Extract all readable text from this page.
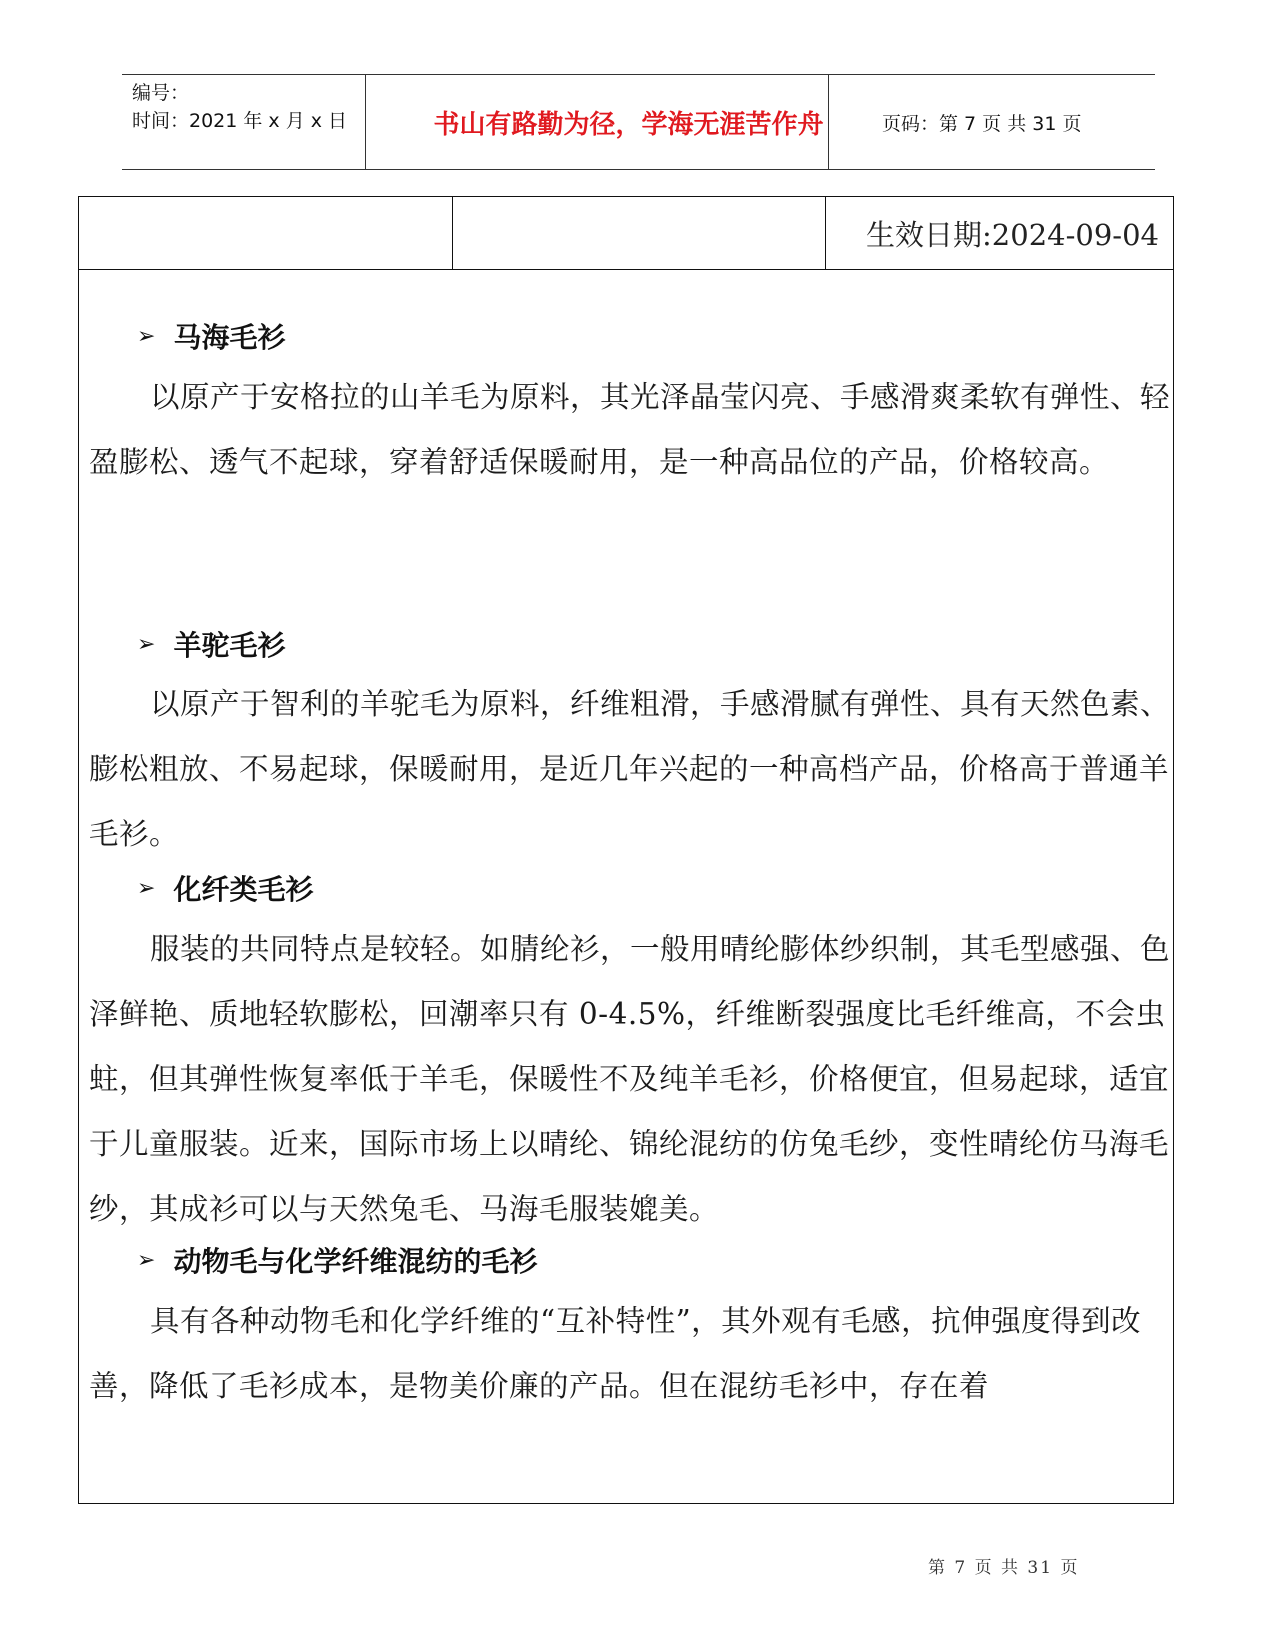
编号：
时间：2021 年 x 月 x 日	书山有路勤为径，学海无涯苦作舟	页码：第 7 页 共 31 页
生效日期:2024-09-04
➢ 马海毛衫
以原产于安格拉的山羊毛为原料，其光泽晶莹闪亮、手感滑爽柔软有弹性、轻盈膨松、透气不起球，穿着舒适保暖耐用，是一种高品位的产品，价格较高。
➢ 羊驼毛衫
以原产于智利的羊驼毛为原料，纤维粗滑，手感滑腻有弹性、具有天然色素、膨松粗放、不易起球，保暖耐用，是近几年兴起的一种高档产品，价格高于普通羊毛衫。
➢ 化纤类毛衫
服装的共同特点是较轻。如腈纶衫，一般用晴纶膨体纱织制，其毛型感强、色泽鲜艳、质地轻软膨松，回潮率只有 0-4.5%，纤维断裂强度比毛纤维高，不会虫蛀，但其弹性恢复率低于羊毛，保暖性不及纯羊毛衫，价格便宜，但易起球，适宜于儿童服装。近来，国际市场上以晴纶、锦纶混纺的仿兔毛纱，变性晴纶仿马海毛纱，其成衫可以与天然兔毛、马海毛服装媲美。
➢ 动物毛与化学纤维混纺的毛衫
具有各种动物毛和化学纤维的“互补特性”，其外观有毛感，抗伸强度得到改善，降低了毛衫成本，是物美价廉的产品。但在混纺毛衫中，存在着
第 7 页 共 31 页
